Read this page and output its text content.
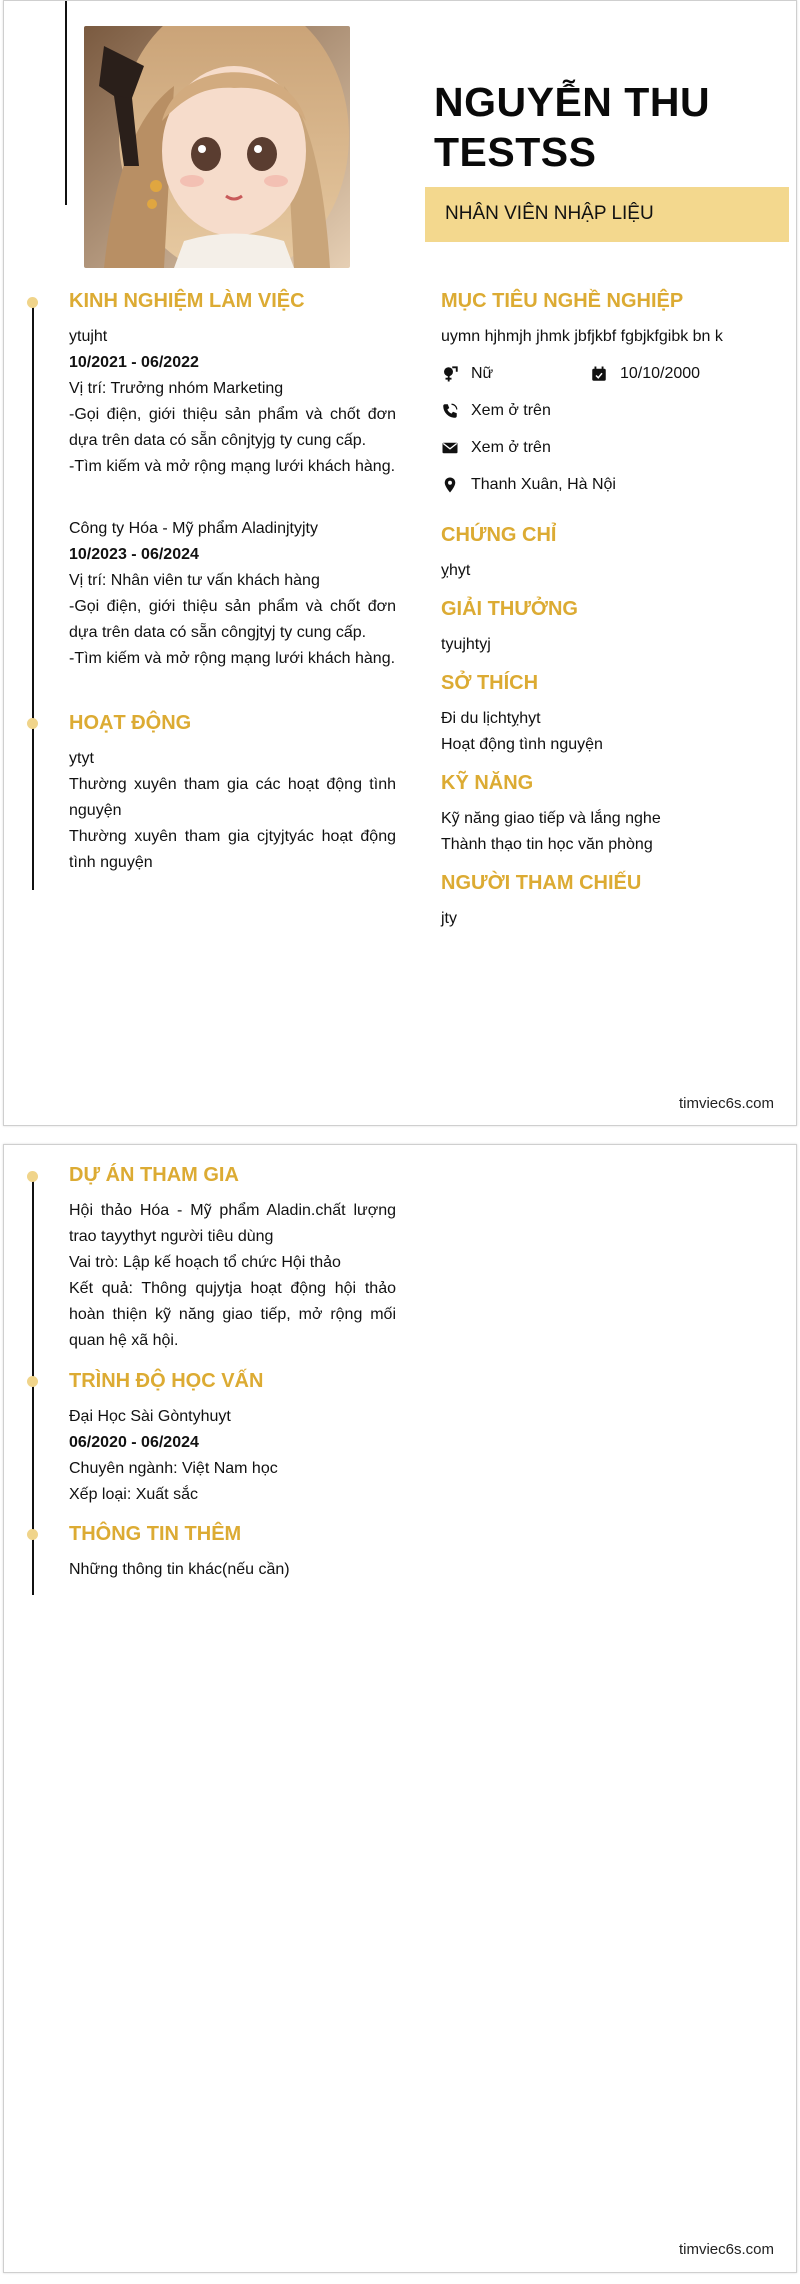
NGUYỄN THU TESTSS
NHÂN VIÊN NHẬP LIỆU
KINH NGHIỆM LÀM VIỆC
ytujht
10/2021 - 06/2022
Vị trí: Trưởng nhóm Marketing
-Gọi điện, giới thiệu sản phẩm và chốt đơn dựa trên data có sẵn cônjtyjg ty cung cấp.
-Tìm kiếm và mở rộng mạng lưới khách hàng.
Công ty Hóa - Mỹ phẩm Aladinjtyjty
10/2023 - 06/2024
Vị trí: Nhân viên tư vấn khách hàng
-Gọi điện, giới thiệu sản phẩm và chốt đơn dựa trên data có sẵn côngjtyj ty cung cấp.
-Tìm kiếm và mở rộng mạng lưới khách hàng.
HOẠT ĐỘNG
ytyt
Thường xuyên tham gia các hoạt động tình nguyện
Thường xuyên tham gia cjtyjtyác hoạt động tình nguyện
MỤC TIÊU NGHỀ NGHIỆP
uymn hjhmjh jhmk jbfjkbf fgbjkfgibk bn k
Nữ	10/10/2000
Xem ở trên
Xem ở trên
Thanh Xuân, Hà Nội
CHỨNG CHỈ
ỵhyt
GIẢI THƯỞNG
tyujhtyj
SỞ THÍCH
Đi du lịchtỵhyt
Hoạt động tình nguyện
KỸ NĂNG
Kỹ năng giao tiếp và lắng nghe
Thành thạo tin học văn phòng
NGƯỜI THAM CHIẾU
jty
timviec6s.com
DỰ ÁN THAM GIA
Hội thảo Hóa - Mỹ phẩm Aladin.chất lượng trao tayythyt người tiêu dùng
Vai trò: Lập kế hoạch tổ chức Hội thảo
Kết quả: Thông qujytja hoạt động hội thảo hoàn thiện kỹ năng giao tiếp, mở rộng mối quan hệ xã hội.
TRÌNH ĐỘ HỌC VẤN
Đại Học Sài Gòntyhuyt
06/2020 - 06/2024
Chuyên ngành: Việt Nam học
Xếp loại: Xuất sắc
THÔNG TIN THÊM
Những thông tin khác(nếu cần)
timviec6s.com
